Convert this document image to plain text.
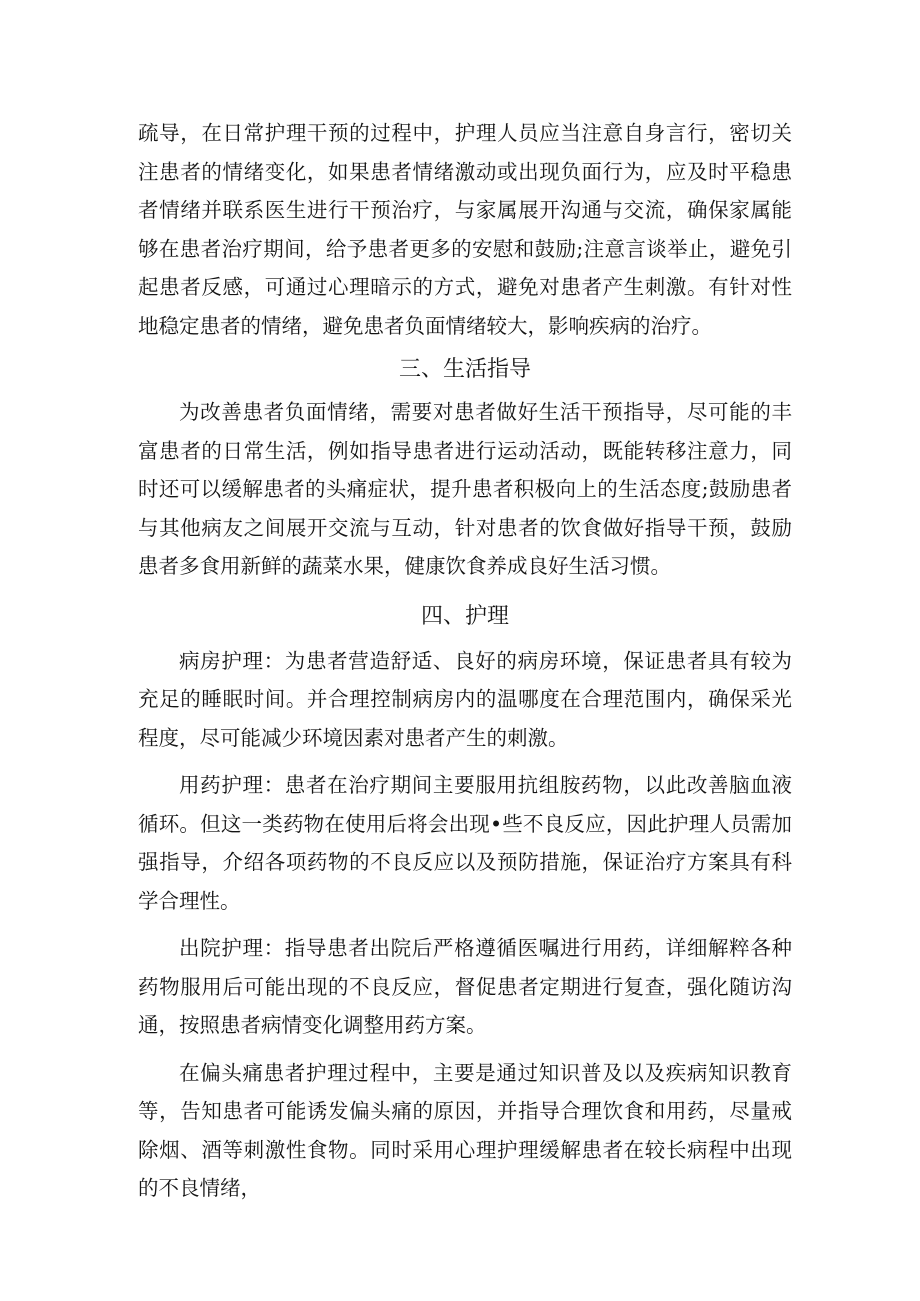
疏导，在日常护理干预的过程中，护理人员应当注意自身言行，密切关注患者的情绪变化，如果患者情绪激动或出现负面行为，应及时平稳患者情绪并联系医生进行干预治疗，与家属展开沟通与交流，确保家属能够在患者治疗期间，给予患者更多的安慰和鼓励;注意言谈举止，避免引起患者反感，可通过心理暗示的方式，避免对患者产生刺激。有针对性地稳定患者的情绪，避免患者负面情绪较大，影响疾病的治疗。

三、生活指导

为改善患者负面情绪，需要对患者做好生活干预指导，尽可能的丰富患者的日常生活，例如指导患者进行运动活动，既能转移注意力，同时还可以缓解患者的头痛症状，提升患者积极向上的生活态度;鼓励患者与其他病友之间展开交流与互动，针对患者的饮食做好指导干预，鼓励患者多食用新鲜的蔬菜水果，健康饮食养成良好生活习惯。

四、护理

病房护理：为患者营造舒适、良好的病房环境，保证患者具有较为充足的睡眠时间。并合理控制病房内的温哪度在合理范围内，确保采光程度，尽可能减少环境因素对患者产生的刺激。

用药护理：患者在治疗期间主要服用抗组胺药物，以此改善脑血液循环。但这一类药物在使用后将会出现•些不良反应，因此护理人员需加强指导，介绍各项药物的不良反应以及预防措施，保证治疗方案具有科学合理性。

出院护理：指导患者出院后严格遵循医嘱进行用药，详细解粹各种药物服用后可能出现的不良反应，督促患者定期进行复查，强化随访沟通，按照患者病情变化调整用药方案。

在偏头痛患者护理过程中，主要是通过知识普及以及疾病知识教育等，告知患者可能诱发偏头痛的原因，并指导合理饮食和用药，尽量戒除烟、酒等刺激性食物。同时采用心理护理缓解患者在较长病程中出现的不良情绪，
